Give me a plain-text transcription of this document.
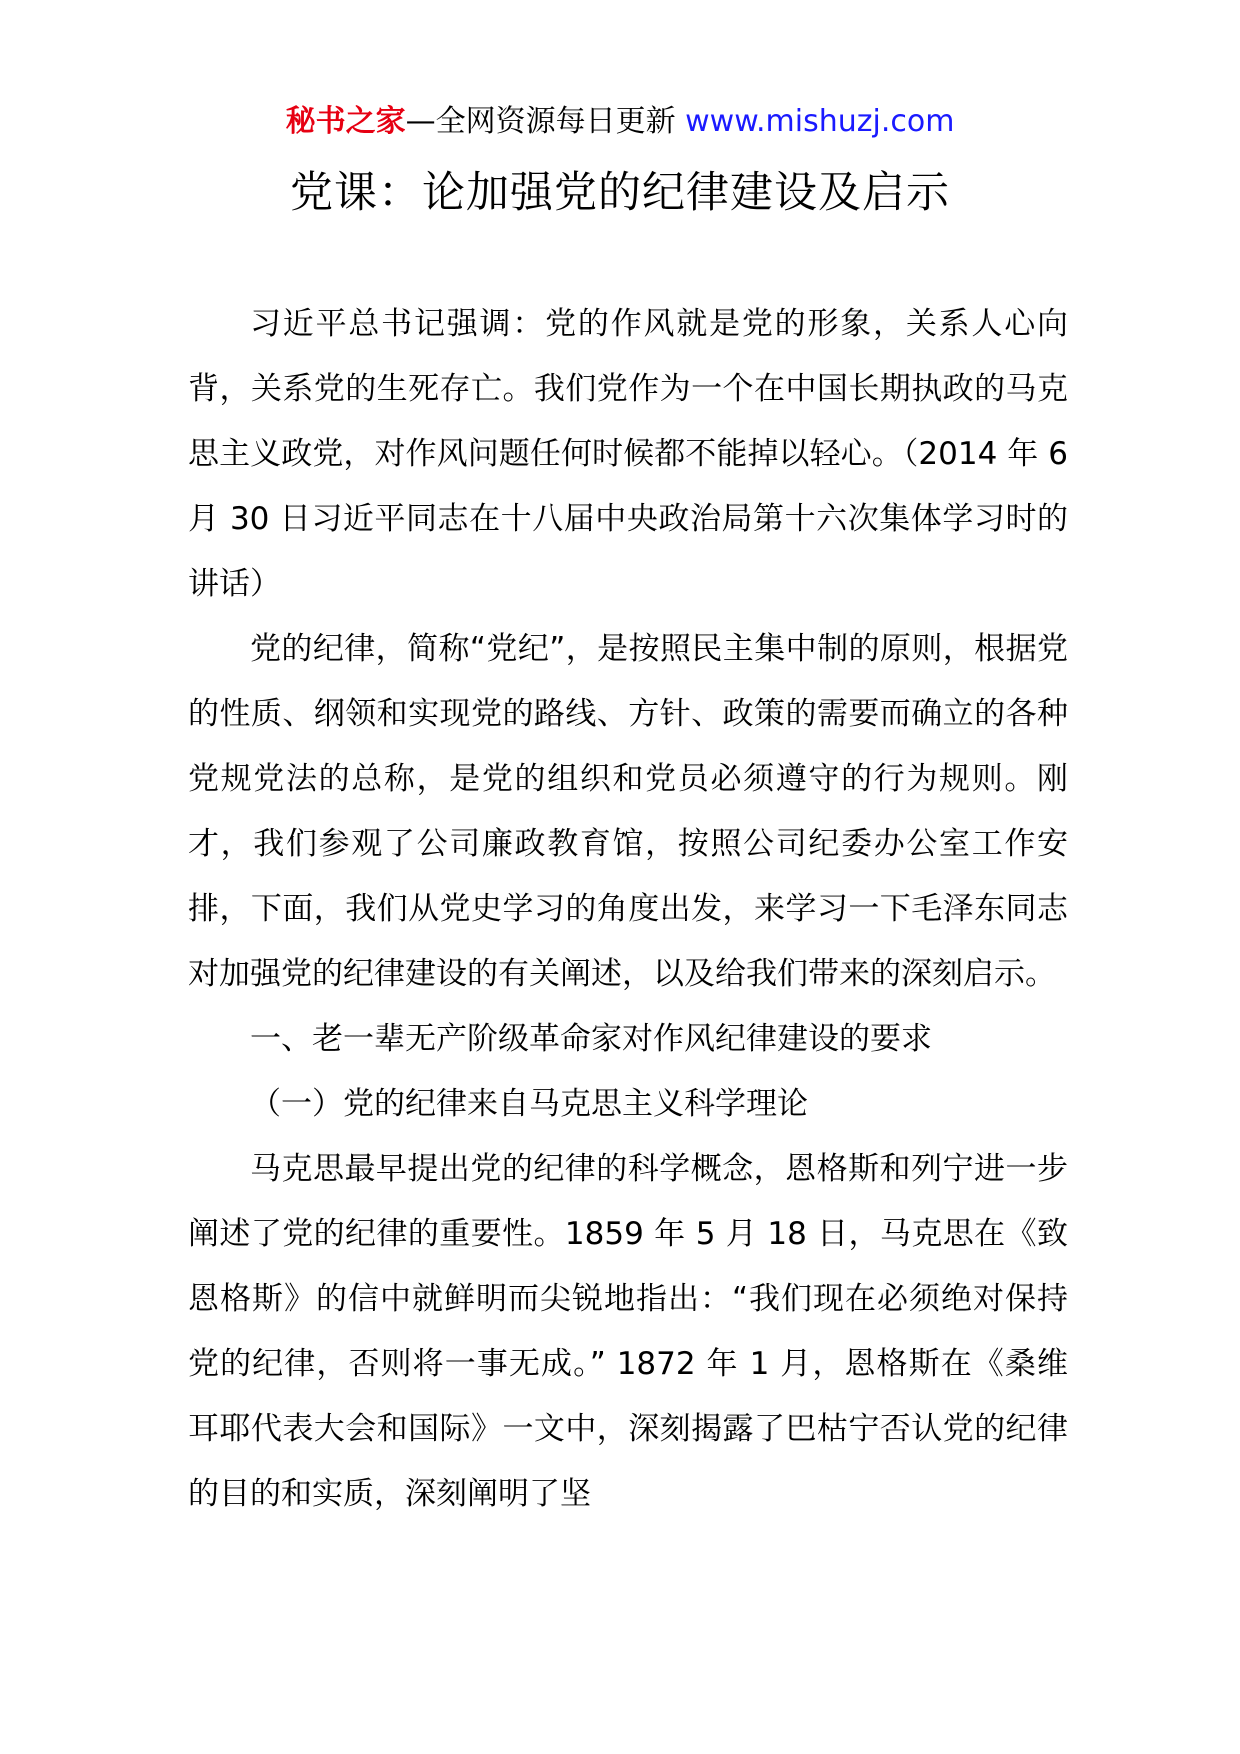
秘书之家—全网资源每日更新 www.mishuzj.com
党课：论加强党的纪律建设及启示

习近平总书记强调：党的作风就是党的形象，关系人心向背，关系党的生死存亡。我们党作为一个在中国长期执政的马克思主义政党，对作风问题任何时候都不能掉以轻心。（2014 年 6 月 30 日习近平同志在十八届中央政治局第十六次集体学习时的讲话）

党的纪律，简称“党纪”，是按照民主集中制的原则，根据党的性质、纲领和实现党的路线、方针、政策的需要而确立的各种党规党法的总称，是党的组织和党员必须遵守的行为规则。刚才，我们参观了公司廉政教育馆，按照公司纪委办公室工作安排，下面，我们从党史学习的角度出发，来学习一下毛泽东同志对加强党的纪律建设的有关阐述，以及给我们带来的深刻启示。

一、老一辈无产阶级革命家对作风纪律建设的要求

（一）党的纪律来自马克思主义科学理论

马克思最早提出党的纪律的科学概念，恩格斯和列宁进一步阐述了党的纪律的重要性。1859 年 5 月 18 日，马克思在《致恩格斯》的信中就鲜明而尖锐地指出：“我们现在必须绝对保持党的纪律，否则将一事无成。” 1872 年 1 月，恩格斯在《桑维耳耶代表大会和国际》一文中，深刻揭露了巴枯宁否认党的纪律的目的和实质，深刻阐明了坚
